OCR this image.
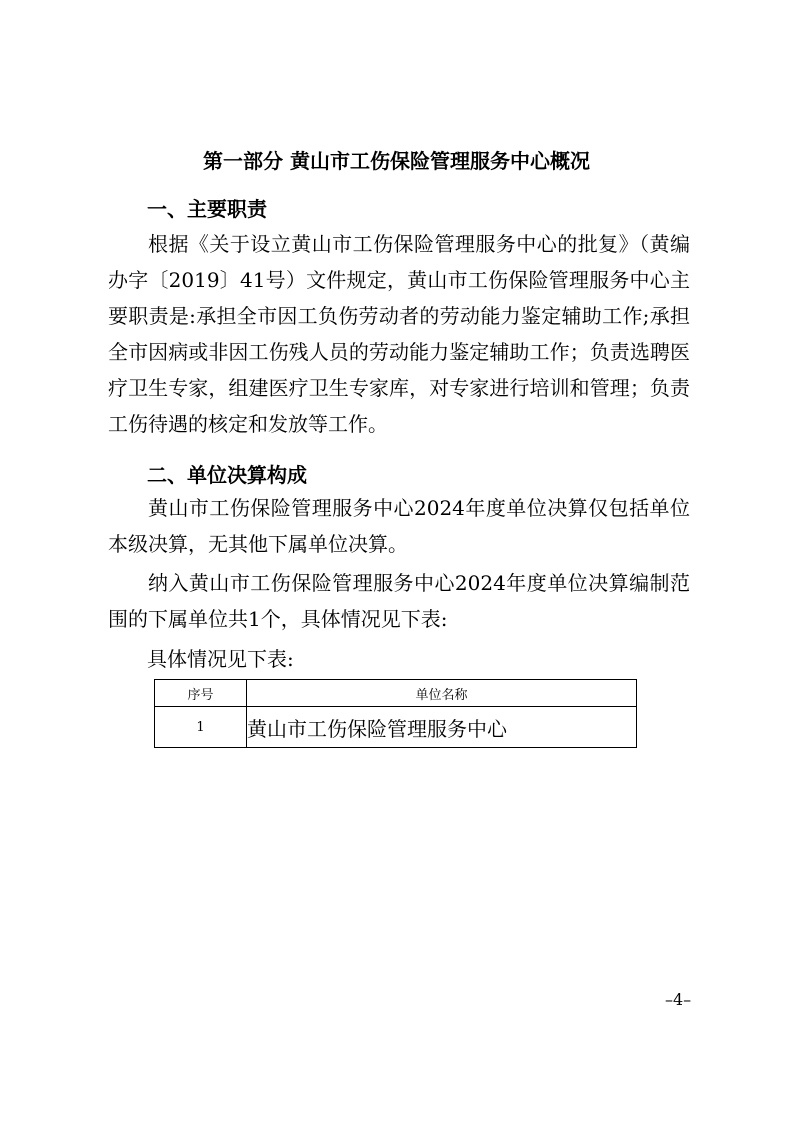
第一部分 黄山市工伤保险管理服务中心概况
一、主要职责

根据《关于设立黄山市工伤保险管理服务中心的批复》（黄编办字〔2019〕41号）文件规定，黄山市工伤保险管理服务中心主要职责是:承担全市因工负伤劳动者的劳动能力鉴定辅助工作;承担全市因病或非因工伤残人员的劳动能力鉴定辅助工作；负责选聘医疗卫生专家，组建医疗卫生专家库，对专家进行培训和管理；负责工伤待遇的核定和发放等工作。

二、单位决算构成

黄山市工伤保险管理服务中心2024年度单位决算仅包括单位本级决算，无其他下属单位决算。

纳入黄山市工伤保险管理服务中心2024年度单位决算编制范围的下属单位共1个，具体情况见下表:

具体情况见下表:
序号	单位名称
1	黄山市工伤保险管理服务中心
–4–
